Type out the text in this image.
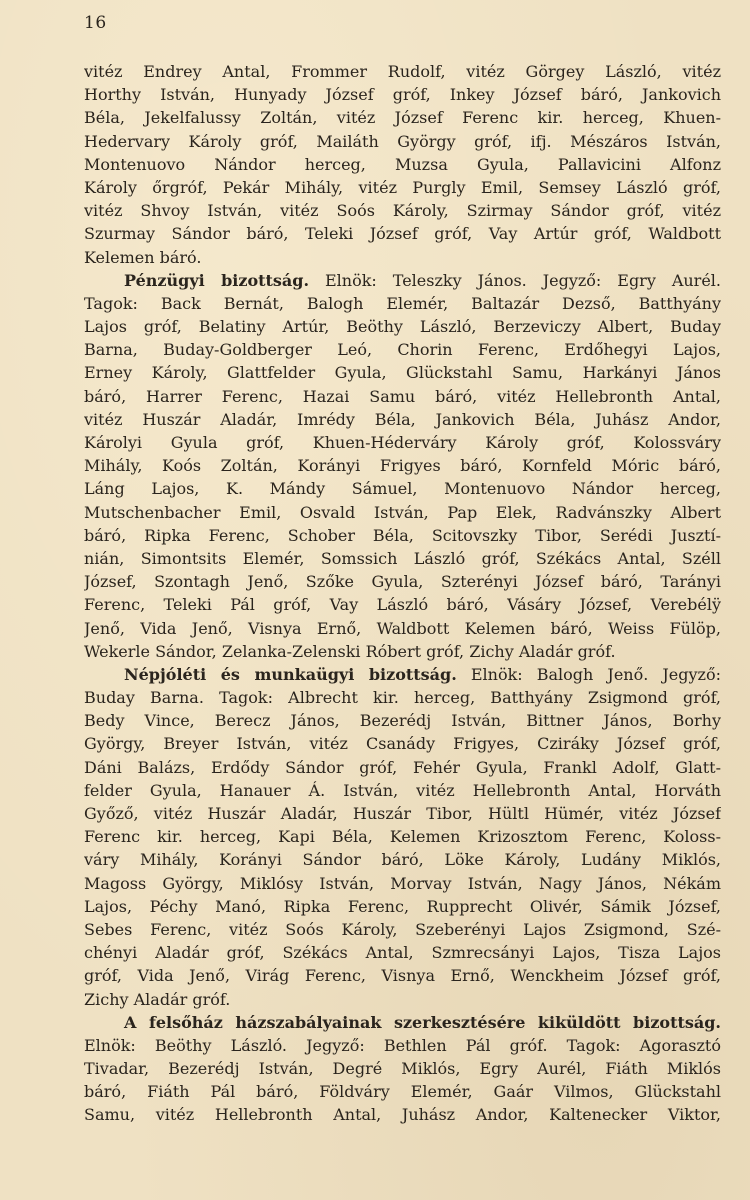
16
vitéz Endrey Antal, Frommer Rudolf, vitéz Görgey László, vitéz
Horthy István, Hunyady József gróf, Inkey József báró, Jankovich
Béla, Jekelfalussy Zoltán, vitéz József Ferenc kir. herceg, Khuen-
Hedervary Károly gróf, Mailáth György gróf, ifj. Mészáros István,
Montenuovo Nándor herceg, Muzsa Gyula, Pallavicini Alfonz
Károly őrgróf, Pekár Mihály, vitéz Purgly Emil, Semsey László gróf,
vitéz Shvoy István, vitéz Soós Károly, Szirmay Sándor gróf, vitéz
Szurmay Sándor báró, Teleki József gróf, Vay Artúr gróf, Waldbott
Kelemen báró.
Pénzügyi bizottság. Elnök: Teleszky János. Jegyző: Egry Aurél.
Tagok: Back Bernát, Balogh Elemér, Baltazár Dezső, Batthyány
Lajos gróf, Belatiny Artúr, Beöthy László, Berzeviczy Albert, Buday
Barna, Buday-Goldberger Leó, Chorin Ferenc, Erdőhegyi Lajos,
Erney Károly, Glattfelder Gyula, Glückstahl Samu, Harkányi János
báró, Harrer Ferenc, Hazai Samu báró, vitéz Hellebronth Antal,
vitéz Huszár Aladár, Imrédy Béla, Jankovich Béla, Juhász Andor,
Károlyi Gyula gróf, Khuen-Héderváry Károly gróf, Kolossváry
Mihály, Koós Zoltán, Korányi Frigyes báró, Kornfeld Móric báró,
Láng Lajos, K. Mándy Sámuel, Montenuovo Nándor herceg,
Mutschenbacher Emil, Osvald István, Pap Elek, Radvánszky Albert
báró, Ripka Ferenc, Schober Béla, Scitovszky Tibor, Serédi Jusztí-
nián, Simontsits Elemér, Somssich László gróf, Székács Antal, Széll
József, Szontagh Jenő, Szőke Gyula, Szterényi József báró, Tarányi
Ferenc, Teleki Pál gróf, Vay László báró, Vásáry József, Verebélÿ
Jenő, Vida Jenő, Visnya Ernő, Waldbott Kelemen báró, Weiss Fülöp,
Wekerle Sándor, Zelanka-Zelenski Róbert gróf, Zichy Aladár gróf.
Népjóléti és munkaügyi bizottság. Elnök: Balogh Jenő. Jegyző:
Buday Barna. Tagok: Albrecht kir. herceg, Batthyány Zsigmond gróf,
Bedy Vince, Berecz János, Bezerédj István, Bittner János, Borhy
György, Breyer István, vitéz Csanády Frigyes, Cziráky József gróf,
Dáni Balázs, Erdődy Sándor gróf, Fehér Gyula, Frankl Adolf, Glatt-
felder Gyula, Hanauer Á. István, vitéz Hellebronth Antal, Horváth
Győző, vitéz Huszár Aladár, Huszár Tibor, Hültl Hümér, vitéz József
Ferenc kir. herceg, Kapi Béla, Kelemen Krizosztom Ferenc, Koloss-
váry Mihály, Korányi Sándor báró, Löke Károly, Ludány Miklós,
Magoss György, Miklósy István, Morvay István, Nagy János, Nékám
Lajos, Péchy Manó, Ripka Ferenc, Rupprecht Olivér, Sámik József,
Sebes Ferenc, vitéz Soós Károly, Szeberényi Lajos Zsigmond, Szé-
chényi Aladár gróf, Székács Antal, Szmrecsányi Lajos, Tisza Lajos
gróf, Vida Jenő, Virág Ferenc, Visnya Ernő, Wenckheim József gróf,
Zichy Aladár gróf.
A felsőház házszabályainak szerkesztésére kiküldött bizottság.
Elnök: Beöthy László. Jegyző: Bethlen Pál gróf. Tagok: Agorasztó
Tivadar, Bezerédj István, Degré Miklós, Egry Aurél, Fiáth Miklós
báró, Fiáth Pál báró, Földváry Elemér, Gaár Vilmos, Glückstahl
Samu, vitéz Hellebronth Antal, Juhász Andor, Kaltenecker Viktor,
